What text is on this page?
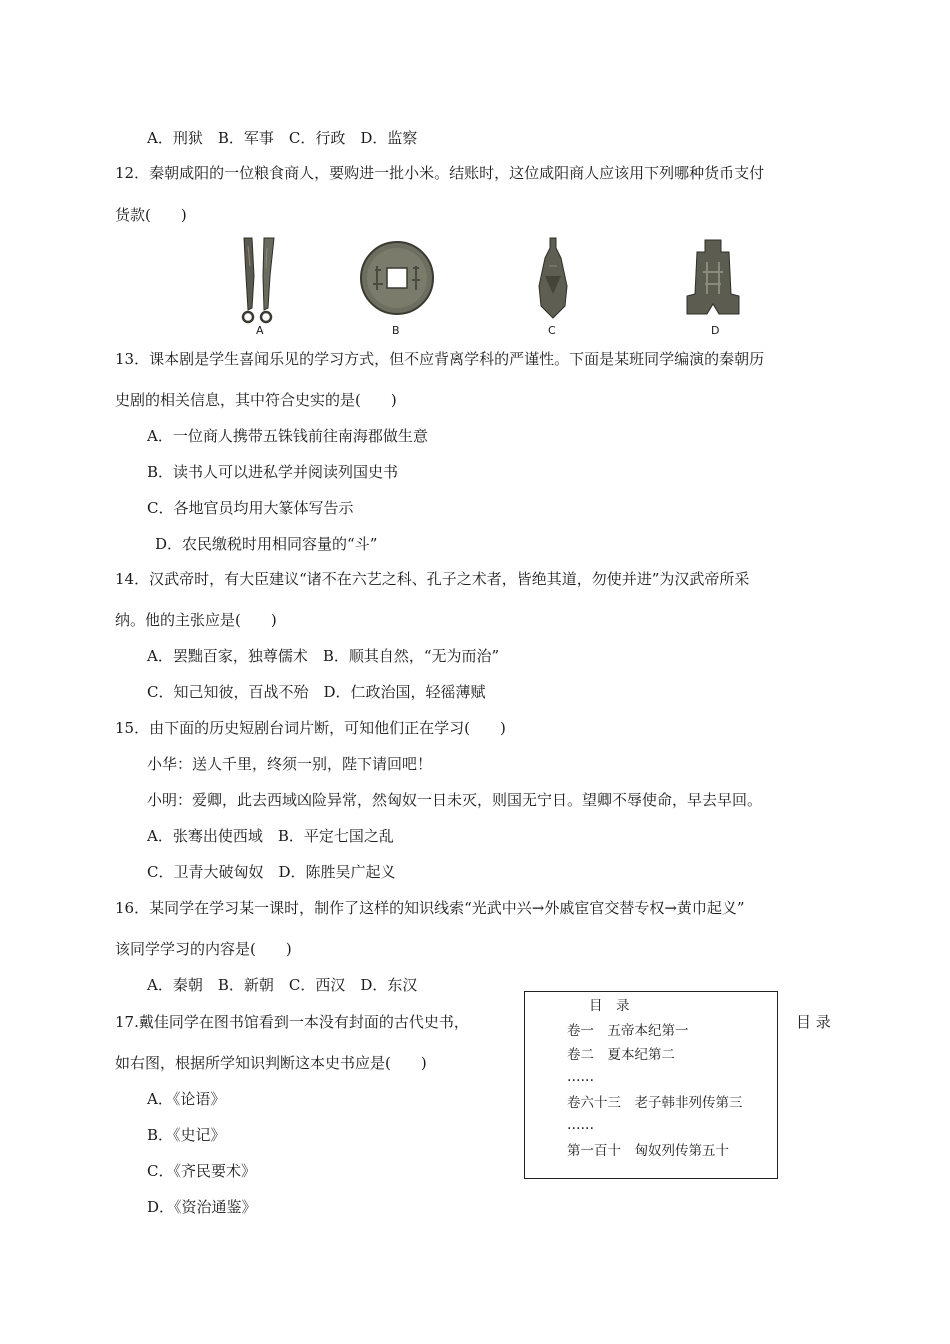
A．刑狱　B．军事　C．行政　D．监察
12．秦朝咸阳的一位粮食商人，要购进一批小米。结账时，这位咸阳商人应该用下列哪种货币支付
货款(　　)
A	B	C	D
13．课本剧是学生喜闻乐见的学习方式，但不应背离学科的严谨性。下面是某班同学编演的秦朝历
史剧的相关信息，其中符合史实的是(　　)
A．一位商人携带五铢钱前往南海郡做生意
B．读书人可以进私学并阅读列国史书
C．各地官员均用大篆体写告示
D．农民缴税时用相同容量的“斗”
14．汉武帝时，有大臣建议“诸不在六艺之科、孔子之术者，皆绝其道，勿使并进”为汉武帝所采
纳。他的主张应是(　　)
A．罢黜百家，独尊儒术　B．顺其自然，“无为而治”
C．知己知彼，百战不殆　D．仁政治国，轻徭薄赋
15．由下面的历史短剧台词片断，可知他们正在学习(　　)
小华：送人千里，终须一别，陛下请回吧！
小明：爱卿，此去西域凶险异常，然匈奴一日未灭，则国无宁日。望卿不辱使命，早去早回。
A．张骞出使西域　B．平定七国之乱
C．卫青大破匈奴　D．陈胜吴广起义
16．某同学在学习某一课时，制作了这样的知识线索“光武中兴→外戚宦官交替专权→黄巾起义”
该同学学习的内容是(　　)
A．秦朝　B．新朝　C．西汉　D．东汉
17.戴佳同学在图书馆看到一本没有封面的古代史书，	目 录
如右图，根据所学知识判断这本史书应是(　　)
A．《论语》
B．《史记》
C．《齐民要术》
D．《资治通鉴》
目　录
卷一　五帝本纪第一
卷二　夏本纪第二
……
卷六十三　老子韩非列传第三
……
第一百十　匈奴列传第五十
